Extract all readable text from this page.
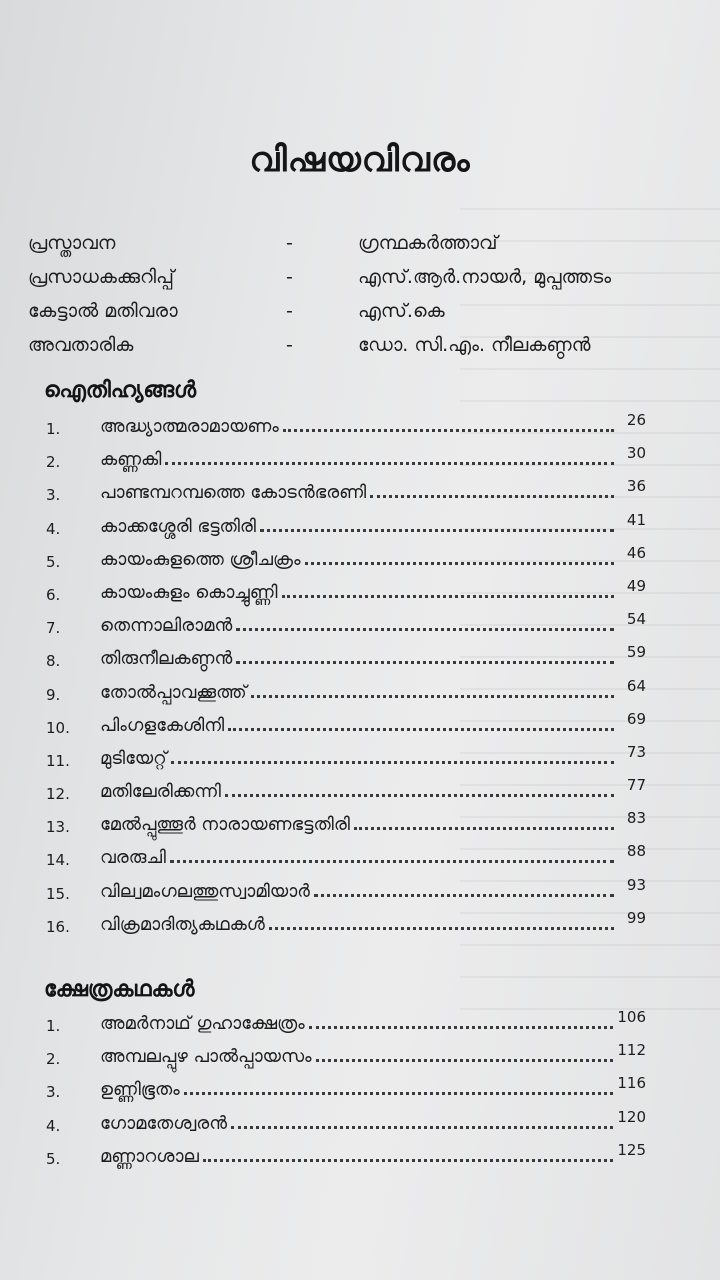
വിഷയവിവരം
പ്രസ്താവന	-	ഗ്രന്ഥകർത്താവ്
പ്രസാധകക്കുറിപ്പ്	-	എസ്.ആർ.നായർ, മുപ്പത്തടം
കേട്ടാൽ മതിവരാ	-	എസ്.കെ
അവതാരിക	-	ഡോ. സി.എം. നീലകണ്ഠൻ
ഐതിഹ്യങ്ങൾ
1.	അദ്ധ്യാത്മരാമായണം	26
2.	കണ്ണകി	30
3.	പാണ്ടമ്പറമ്പത്തെ കോടൻഭരണി	36
4.	കാക്കശ്ശേരി ഭട്ടതിരി	41
5.	കായംകുളത്തെ ശ്രീചക്രം	46
6.	കായംകുളം കൊച്ചുണ്ണി	49
7.	തെന്നാലിരാമൻ	54
8.	തിരുനീലകണ്ഠൻ	59
9.	തോൽപ്പാവക്കൂത്ത്	64
10.	പിംഗളകേശിനി	69
11.	മുടിയേറ്റ്	73
12.	മതിലേരിക്കന്നി	77
13.	മേൽപ്പുത്തൂർ നാരായണഭട്ടതിരി	83
14.	വരരുചി	88
15.	വില്വമംഗലത്തുസ്വാമിയാർ	93
16.	വിക്രമാദിത്യകഥകൾ	99
ക്ഷേത്രകഥകൾ
1.	അമർനാഥ് ഗുഹാക്ഷേത്രം	106
2.	അമ്പലപ്പുഴ പാൽപ്പായസം	112
3.	ഉണ്ണിഭൂതം	116
4.	ഗോമതേശ്വരൻ	120
5.	മണ്ണാറശാല	125
